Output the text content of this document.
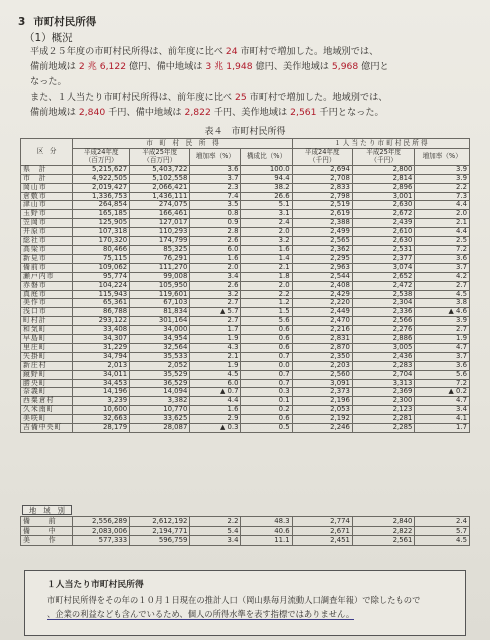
3 市町村民所得
（1）概況
平成２５年度の市町村民所得は、前年度に比べ 24 市町村で増加した。地域別では、
備前地域は 2 兆 6,122 億円、備中地域は 3 兆 1,948 億円、美作地域は 5,968 億円と
なった。
また、１人当たり市町村民所得は、前年度に比べ 25 市町村で増加した。地域別では、
備前地域は 2,840 千円、備中地域は 2,822 千円、美作地域は 2,561 千円となった。
表４　市町村民所得
区　分	市　町　村　民　所　得				１ 人 当 た り 市 町 村 民 所 得		
	平成24年度
（百万円）	平成25年度
（百万円）	増加率（%）	構成比（%）	平成24年度
（千円）	平成25年度
（千円）	増加率（%）
県　計	5,215,627	5,403,722	3.6	100.0	2,694	2,800	3.9
市　計	4,922,505	5,102,558	3.7	94.4	2,708	2,814	3.9
岡山市	2,019,427	2,066,421	2.3	38.2	2,833	2,896	2.2
倉敷市	1,336,753	1,436,111	7.4	26.6	2,798	3,001	7.3
津山市	264,854	274,075	3.5	5.1	2,519	2,630	4.4
玉野市	165,185	166,461	0.8	3.1	2,619	2,672	2.0
笠岡市	125,905	127,017	0.9	2.4	2,388	2,439	2.1
井原市	107,318	110,293	2.8	2.0	2,499	2,610	4.4
総社市	170,320	174,799	2.6	3.2	2,565	2,630	2.5
高梁市	80,466	85,325	6.0	1.6	2,362	2,531	7.2
新見市	75,115	76,291	1.6	1.4	2,295	2,377	3.6
備前市	109,062	111,270	2.0	2.1	2,963	3,074	3.7
瀬戸内市	95,774	99,008	3.4	1.8	2,544	2,652	4.2
赤磐市	104,224	105,950	2.6	2.0	2,408	2,472	2.7
真庭市	115,943	119,601	3.2	2.2	2,429	2,538	4.5
美作市	65,361	67,103	2.7	1.2	2,220	2,304	3.8
浅口市	86,788	81,834	▲ 5.7	1.5	2,449	2,336	▲ 4.6
町村計	293,122	301,164	2.7	5.6	2,470	2,566	3.9
和気町	33,408	34,000	1.7	0.6	2,216	2,276	2.7
早島町	34,307	34,954	1.9	0.6	2,831	2,886	1.9
里庄町	31,229	32,564	4.3	0.6	2,870	3,005	4.7
矢掛町	34,794	35,533	2.1	0.7	2,350	2,436	3.7
新庄村	2,013	2,052	1.9	0.0	2,203	2,283	3.6
鏡野町	34,011	35,529	4.5	0.7	2,560	2,704	5.6
勝央町	34,453	36,529	6.0	0.7	3,091	3,313	7.2
奈義町	14,196	14,094	▲ 0.7	0.3	2,373	2,369	▲ 0.2
西粟倉村	3,239	3,382	4.4	0.1	2,196	2,300	4.7
久米南町	10,600	10,770	1.6	0.2	2,053	2,123	3.4
美咲町	32,663	33,625	2.9	0.6	2,192	2,281	4.1
吉備中央町	28,179	28,087	▲ 0.3	0.5	2,246	2,285	1.7
地　域　別
備　前	2,556,289	2,612,192	2.2	48.3	2,774	2,840	2.4
備　中	2,083,006	2,194,771	5.4	40.6	2,671	2,822	5.7
美　作	577,333	596,759	3.4	11.1	2,451	2,561	4.5
１人当たり市町村民所得
市町村民所得をその年の１０月１日現在の推計人口（岡山県毎月流動人口調査年報）で除したもので
、企業の利益なども含んでいるため、個人の所得水準を表す指標ではありません。
